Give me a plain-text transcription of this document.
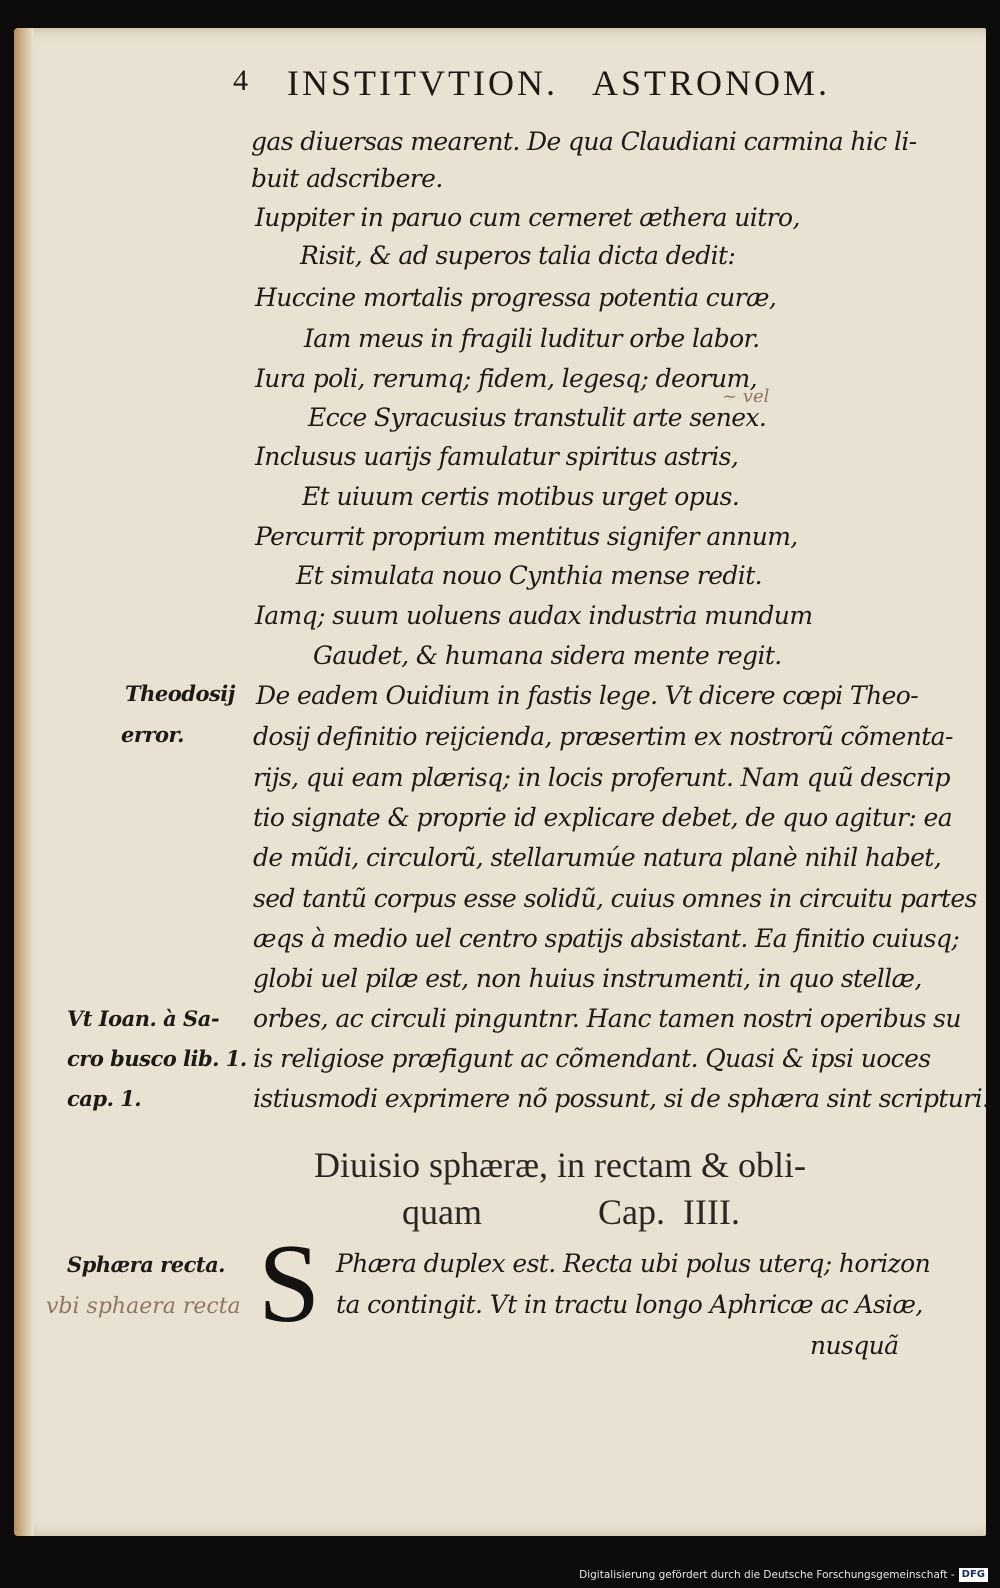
4 INSTITVTION.   ASTRONOM.
gas diuersas mearent. De qua Claudiani carmina hic li-
buit adscribere.
Iuppiter in paruo cum cerneret æthera uitro,
Risit, & ad superos talia dicta dedit:
Huccine mortalis progressa potentia curæ,
Iam meus in fragili luditur orbe labor.
Iura poli, rerumq; fidem, legesq; deorum,
Ecce Syracusius transtulit arte senex.
Inclusus uarijs famulatur spiritus astris,
Et uiuum certis motibus urget opus.
Percurrit proprium mentitus signifer annum,
Et simulata nouo Cynthia mense redit.
Iamq; suum uoluens audax industria mundum
Gaudet, & humana sidera mente regit.
De eadem Ouidium in fastis lege. Vt dicere cœpi Theo-
dosij definitio reijcienda, præsertim ex nostrorũ cõmenta-
rijs, qui eam plærisq; in locis proferunt. Nam quũ descrip
tio signate & proprie id explicare debet, de quo agitur: ea
de mũdi, circulorũ, stellarumúe natura planè nihil habet,
sed tantũ corpus esse solidũ, cuius omnes in circuitu partes
æqs à medio uel centro spatijs absistant. Ea finitio cuiusq;
globi uel pilæ est, non huius instrumenti, in quo stellæ,
orbes, ac circuli pinguntnr. Hanc tamen nostri operibus su
is religiose præfigunt ac cõmendant. Quasi & ipsi uoces
istiusmodi exprimere nõ possunt, si de sphæra sint scripturi.
Theodosij
error.
Vt Ioan. à Sa-
cro busco lib. 1.
cap. 1.
Sphæra recta.
vbi sphaera recta
~ vel
Diuisio sphæræ, in rectam & obli-
quam	Cap.  IIII.
S Phæra duplex est. Recta ubi polus uterq; horizon
ta contingit. Vt in tractu longo Aphricæ ac Asiæ,
nusquã
Digitalisierung gefördert durch die Deutsche Forschungsgemeinschaft - DFG
